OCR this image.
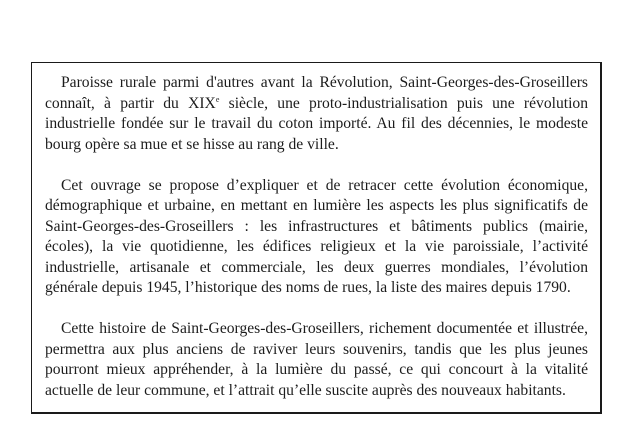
Paroisse rurale parmi d'autres avant la Révolution, Saint-Georges-des-Groseillers connaît, à partir du XIXe siècle, une proto-industrialisation puis une révolution industrielle fondée sur le travail du coton importé. Au fil des décennies, le modeste bourg opère sa mue et se hisse au rang de ville.

Cet ouvrage se propose d’expliquer et de retracer cette évolution économique, démographique et urbaine, en mettant en lumière les aspects les plus significatifs de Saint-Georges-des-Groseillers : les infrastructures et bâtiments publics (mairie, écoles), la vie quotidienne, les édifices religieux et la vie paroissiale, l’activité industrielle, artisanale et commerciale, les deux guerres mondiales, l’évolution générale depuis 1945, l’historique des noms de rues, la liste des maires depuis 1790.

Cette histoire de Saint-Georges-des-Groseillers, richement documentée et illustrée, permettra aux plus anciens de raviver leurs souvenirs, tandis que les plus jeunes pourront mieux appréhender, à la lumière du passé, ce qui concourt à la vitalité actuelle de leur commune, et l’attrait qu’elle suscite auprès des nouveaux habitants.
